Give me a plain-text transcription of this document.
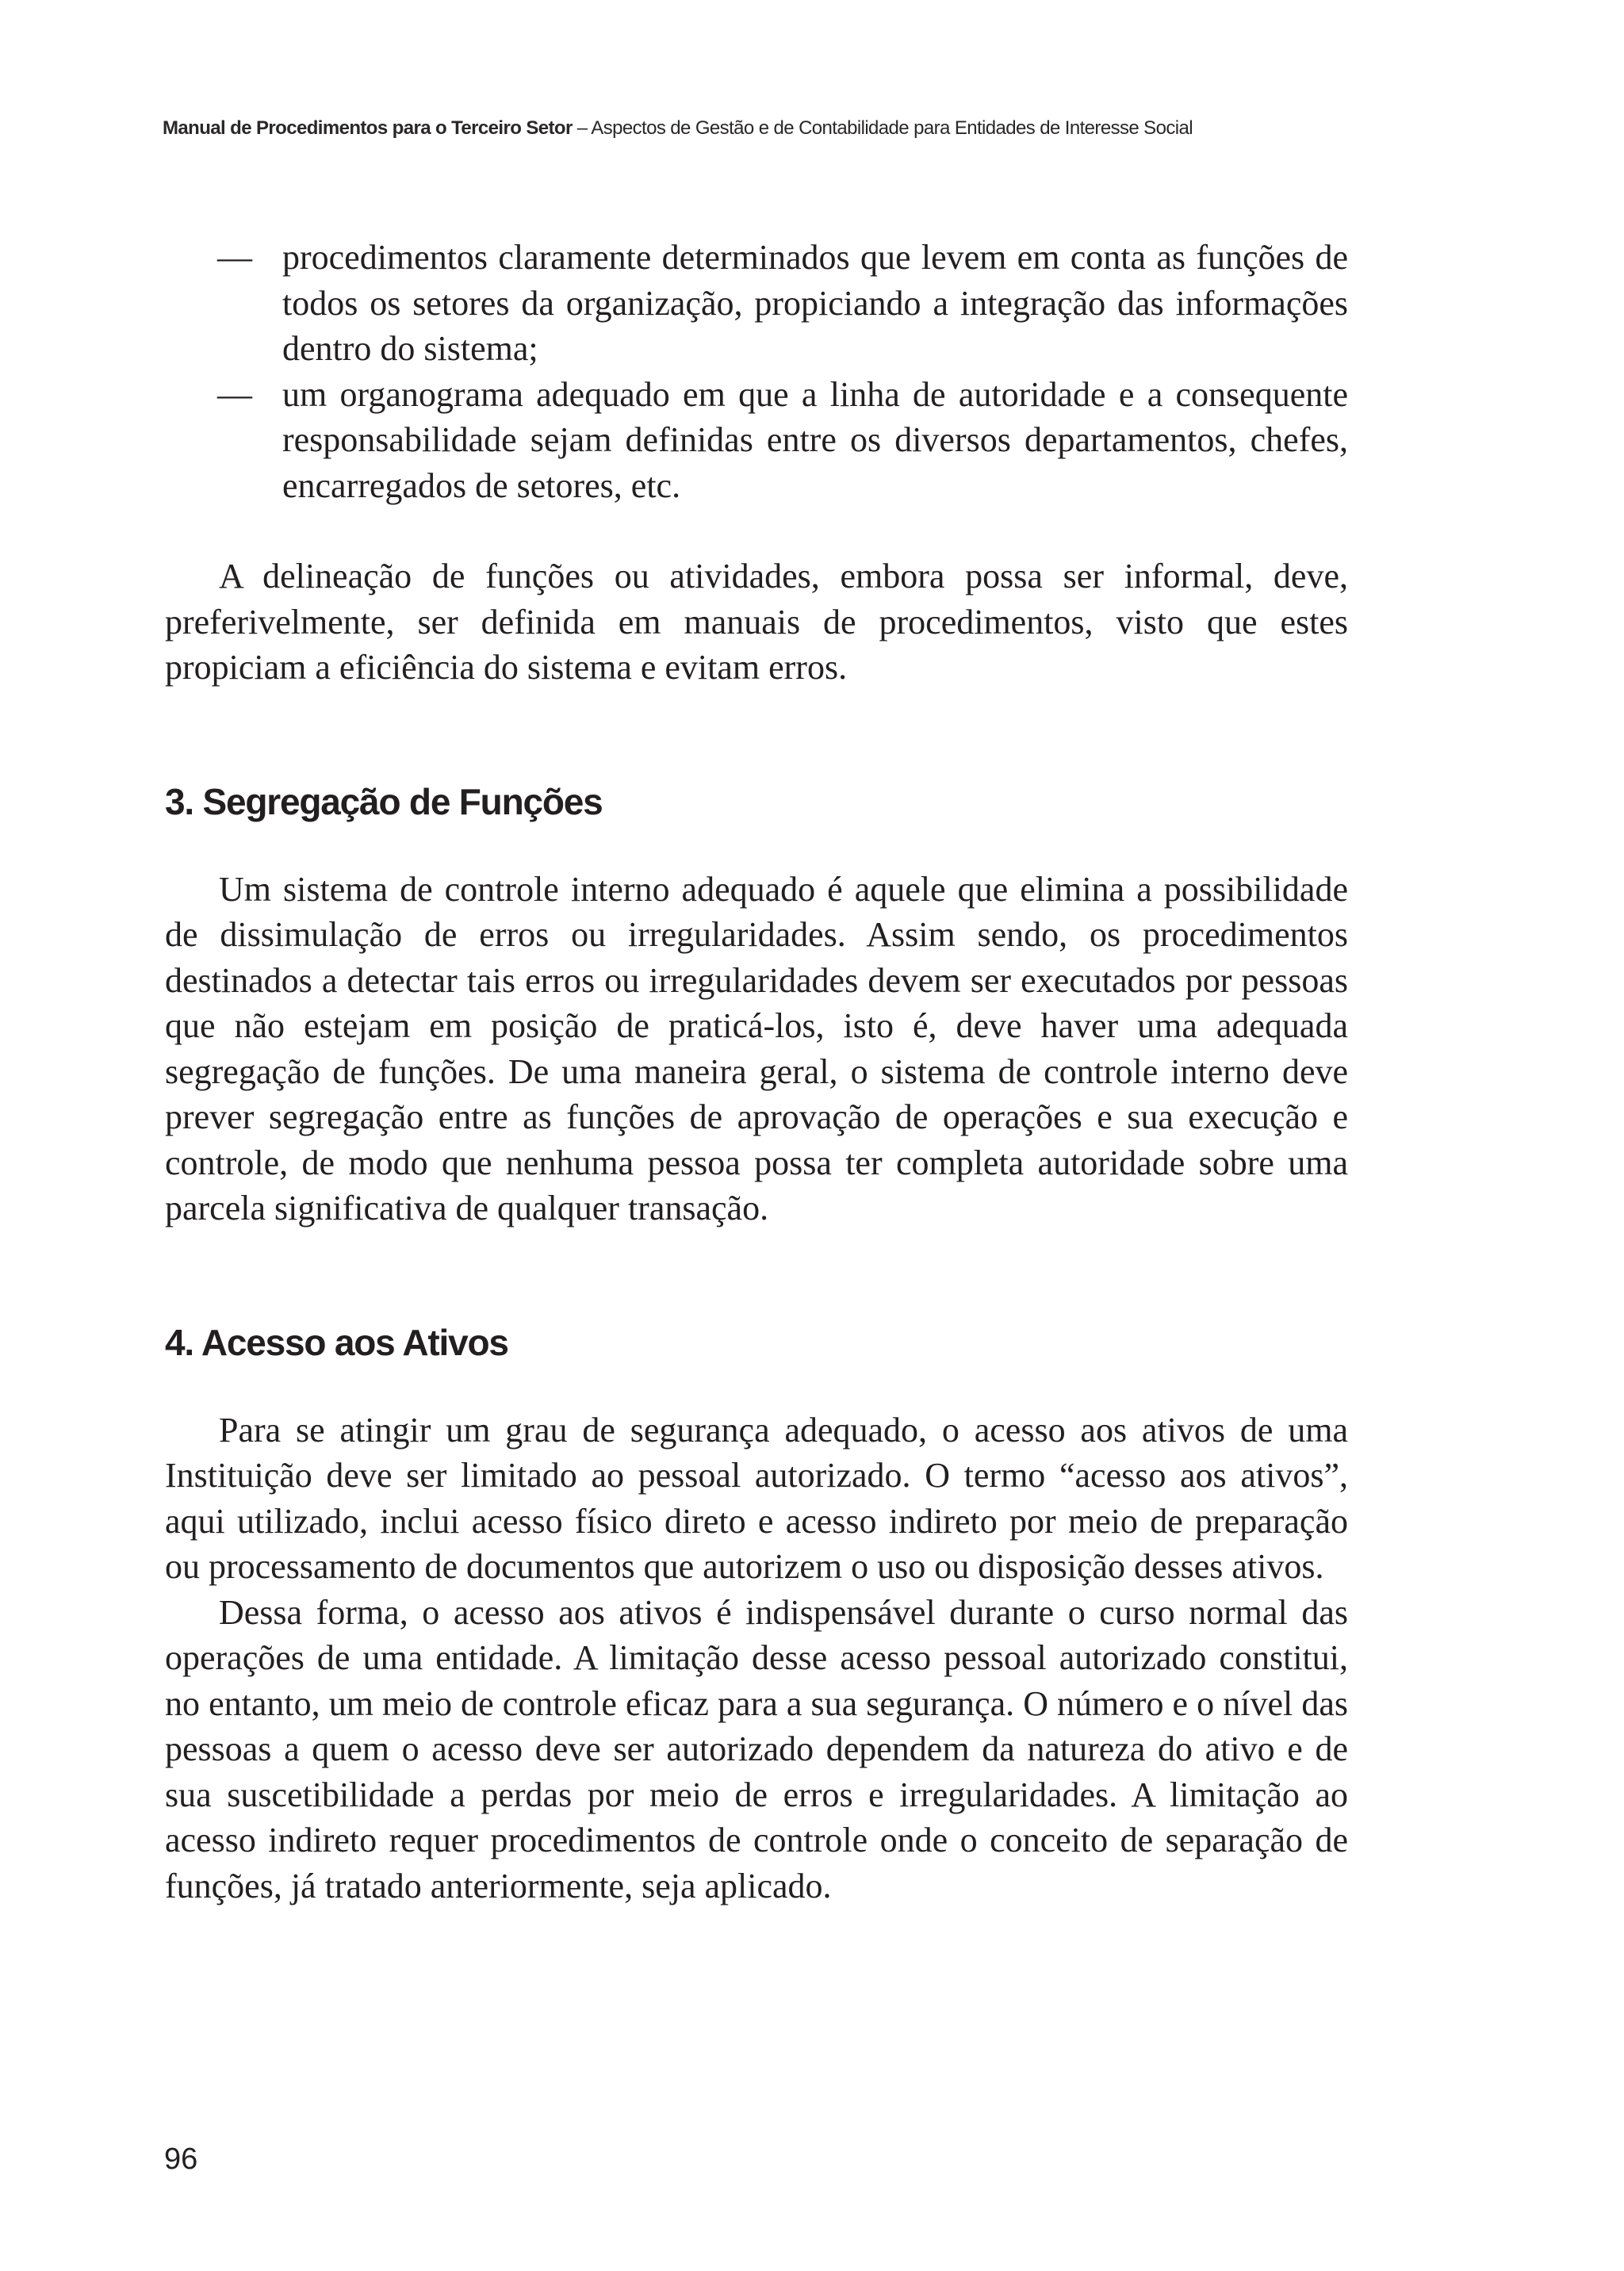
Manual de Procedimentos para o Terceiro Setor – Aspectos de Gestão e de Contabilidade para Entidades de Interesse Social
— procedimentos claramente determinados que levem em conta as funções de todos os setores da organização, propiciando a integração das informações dentro do sistema;
— um organograma adequado em que a linha de autoridade e a consequente responsabilidade sejam definidas entre os diversos departamentos, chefes, encarregados de setores, etc.

A delineação de funções ou atividades, embora possa ser informal, deve, preferivelmente, ser definida em manuais de procedimentos, visto que estes propiciam a eficiência do sistema e evitam erros.

3. Segregação de Funções

Um sistema de controle interno adequado é aquele que elimina a possibilidade de dissimulação de erros ou irregularidades. Assim sendo, os procedimentos destinados a detectar tais erros ou irregularidades devem ser executados por pessoas que não estejam em posição de praticá-los, isto é, deve haver uma adequada segregação de funções. De uma maneira geral, o sistema de controle interno deve prever segregação entre as funções de aprovação de operações e sua execução e controle, de modo que nenhuma pessoa possa ter completa autoridade sobre uma parcela significativa de qualquer transação.

4. Acesso aos Ativos

Para se atingir um grau de segurança adequado, o acesso aos ativos de uma Instituição deve ser limitado ao pessoal autorizado. O termo “acesso aos ativos”, aqui utilizado, inclui acesso físico direto e acesso indireto por meio de preparação ou processamento de documentos que autorizem o uso ou disposição desses ativos.

Dessa forma, o acesso aos ativos é indispensável durante o curso normal das operações de uma entidade. A limitação desse acesso pessoal autorizado constitui, no entanto, um meio de controle eficaz para a sua segurança. O número e o nível das pessoas a quem o acesso deve ser autorizado dependem da natureza do ativo e de sua suscetibilidade a perdas por meio de erros e irregularidades. A limitação ao acesso indireto requer procedimentos de controle onde o conceito de separação de funções, já tratado anteriormente, seja aplicado.

96
